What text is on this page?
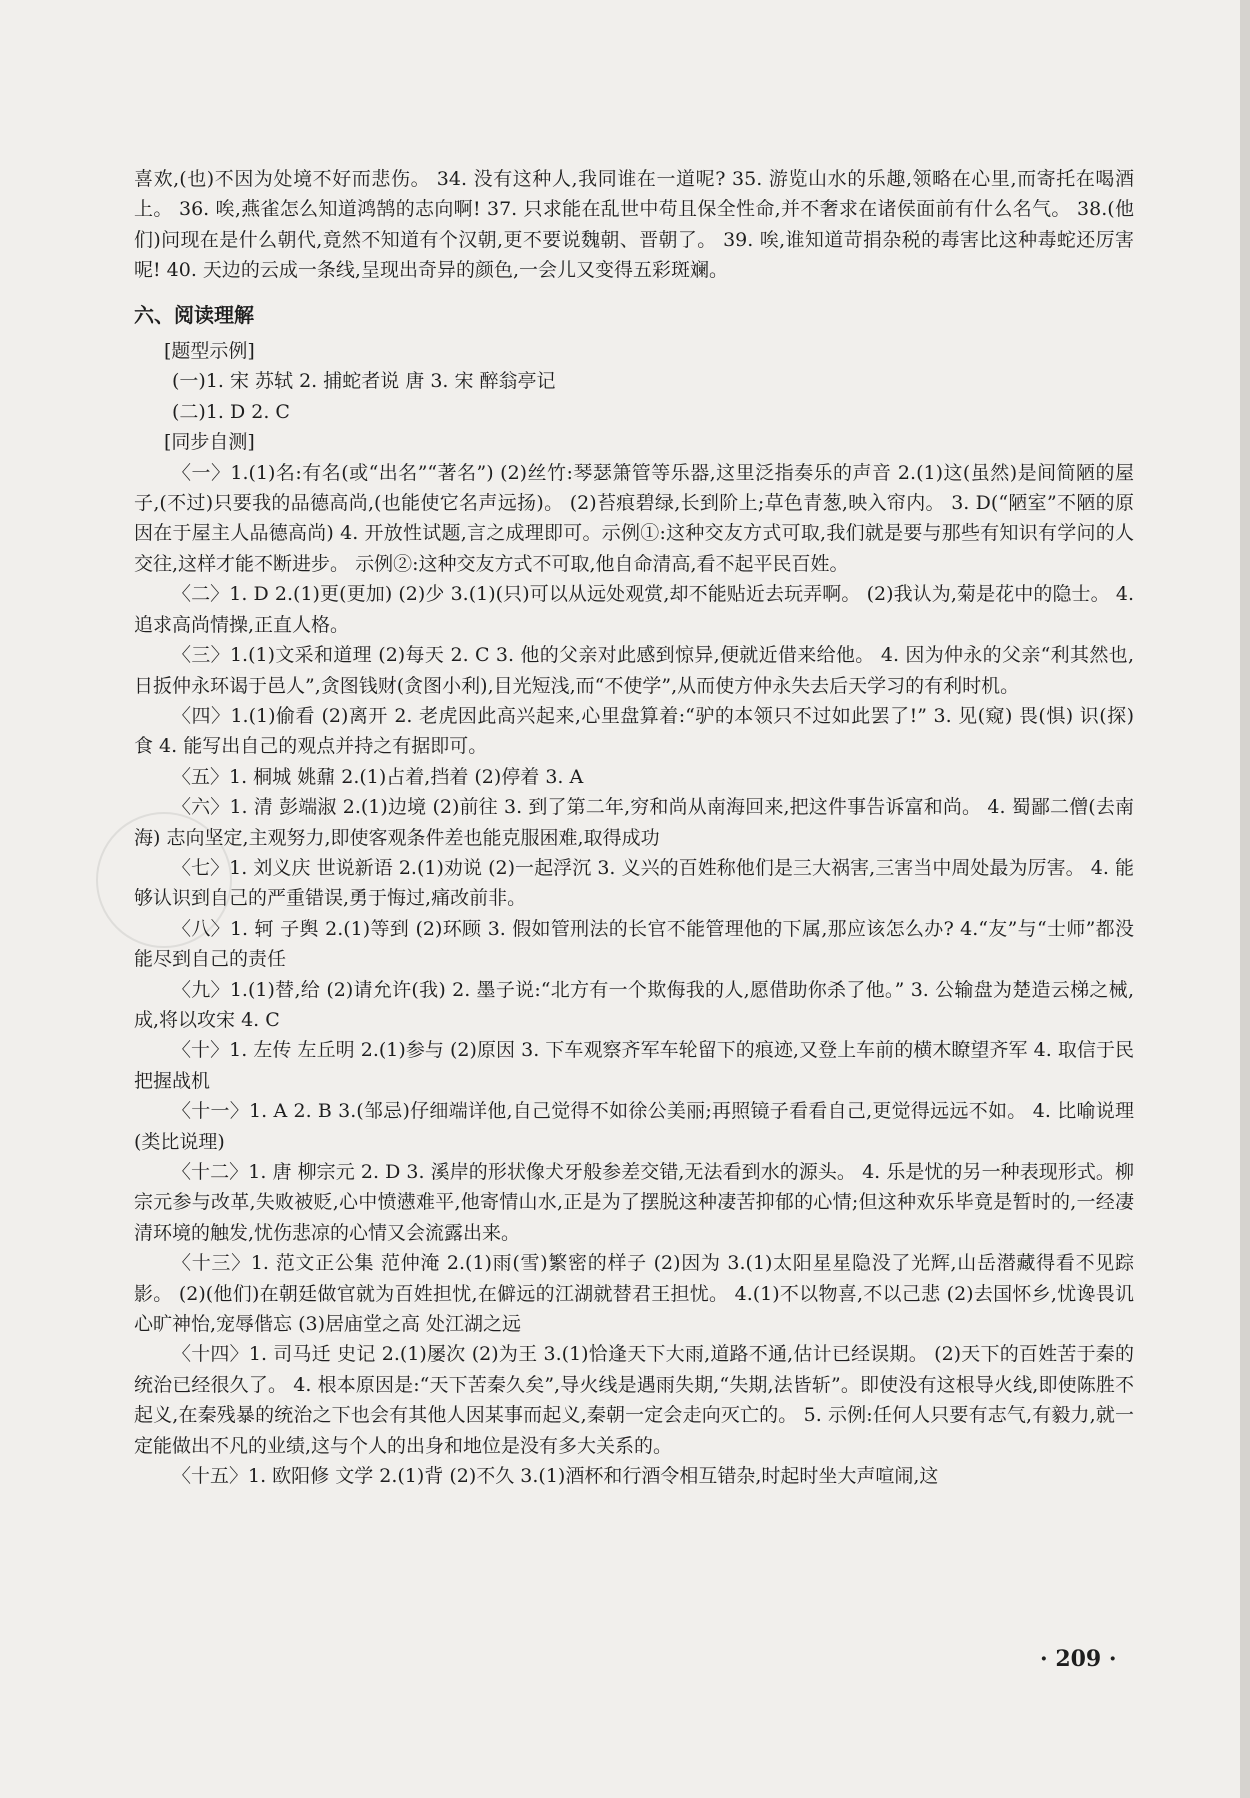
喜欢,(也)不因为处境不好而悲伤。 34. 没有这种人,我同谁在一道呢? 35. 游览山水的乐趣,领略在心里,而寄托在喝酒上。 36. 唉,燕雀怎么知道鸿鹄的志向啊! 37. 只求能在乱世中苟且保全性命,并不奢求在诸侯面前有什么名气。 38.(他们)问现在是什么朝代,竟然不知道有个汉朝,更不要说魏朝、晋朝了。 39. 唉,谁知道苛捐杂税的毒害比这种毒蛇还厉害呢! 40. 天边的云成一条线,呈现出奇异的颜色,一会儿又变得五彩斑斓。

六、阅读理解
[题型示例]

(一)1. 宋 苏轼 2. 捕蛇者说 唐 3. 宋 醉翁亭记

(二)1. D 2. C

[同步自测]

〈一〉1.(1)名:有名(或“出名”“著名”) (2)丝竹:琴瑟箫管等乐器,这里泛指奏乐的声音 2.(1)这(虽然)是间简陋的屋子,(不过)只要我的品德高尚,(也能使它名声远扬)。 (2)苔痕碧绿,长到阶上;草色青葱,映入帘内。 3. D(“陋室”不陋的原因在于屋主人品德高尚) 4. 开放性试题,言之成理即可。示例①:这种交友方式可取,我们就是要与那些有知识有学问的人交往,这样才能不断进步。 示例②:这种交友方式不可取,他自命清高,看不起平民百姓。

〈二〉1. D 2.(1)更(更加) (2)少 3.(1)(只)可以从远处观赏,却不能贴近去玩弄啊。 (2)我认为,菊是花中的隐士。 4. 追求高尚情操,正直人格。

〈三〉1.(1)文采和道理 (2)每天 2. C 3. 他的父亲对此感到惊异,便就近借来给他。 4. 因为仲永的父亲“利其然也,日扳仲永环谒于邑人”,贪图钱财(贪图小利),目光短浅,而“不使学”,从而使方仲永失去后天学习的有利时机。

〈四〉1.(1)偷看 (2)离开 2. 老虎因此高兴起来,心里盘算着:“驴的本领只不过如此罢了!” 3. 见(窥) 畏(惧) 识(探) 食 4. 能写出自己的观点并持之有据即可。

〈五〉1. 桐城 姚鼐 2.(1)占着,挡着 (2)停着 3. A

〈六〉1. 清 彭端淑 2.(1)边境 (2)前往 3. 到了第二年,穷和尚从南海回来,把这件事告诉富和尚。 4. 蜀鄙二僧(去南海) 志向坚定,主观努力,即使客观条件差也能克服困难,取得成功

〈七〉1. 刘义庆 世说新语 2.(1)劝说 (2)一起浮沉 3. 义兴的百姓称他们是三大祸害,三害当中周处最为厉害。 4. 能够认识到自己的严重错误,勇于悔过,痛改前非。

〈八〉1. 轲 子舆 2.(1)等到 (2)环顾 3. 假如管刑法的长官不能管理他的下属,那应该怎么办? 4.“友”与“士师”都没能尽到自己的责任

〈九〉1.(1)替,给 (2)请允许(我) 2. 墨子说:“北方有一个欺侮我的人,愿借助你杀了他。” 3. 公输盘为楚造云梯之械,成,将以攻宋 4. C

〈十〉1. 左传 左丘明 2.(1)参与 (2)原因 3. 下车观察齐军车轮留下的痕迹,又登上车前的横木瞭望齐军 4. 取信于民 把握战机

〈十一〉1. A 2. B 3.(邹忌)仔细端详他,自己觉得不如徐公美丽;再照镜子看看自己,更觉得远远不如。 4. 比喻说理(类比说理)

〈十二〉1. 唐 柳宗元 2. D 3. 溪岸的形状像犬牙般参差交错,无法看到水的源头。 4. 乐是忧的另一种表现形式。柳宗元参与改革,失败被贬,心中愤懑难平,他寄情山水,正是为了摆脱这种凄苦抑郁的心情;但这种欢乐毕竟是暂时的,一经凄清环境的触发,忧伤悲凉的心情又会流露出来。

〈十三〉1. 范文正公集 范仲淹 2.(1)雨(雪)繁密的样子 (2)因为 3.(1)太阳星星隐没了光辉,山岳潜藏得看不见踪影。 (2)(他们)在朝廷做官就为百姓担忧,在僻远的江湖就替君王担忧。 4.(1)不以物喜,不以己悲 (2)去国怀乡,忧谗畏讥 心旷神怡,宠辱偕忘 (3)居庙堂之高 处江湖之远

〈十四〉1. 司马迁 史记 2.(1)屡次 (2)为王 3.(1)恰逢天下大雨,道路不通,估计已经误期。 (2)天下的百姓苦于秦的统治已经很久了。 4. 根本原因是:“天下苦秦久矣”,导火线是遇雨失期,“失期,法皆斩”。即使没有这根导火线,即使陈胜不起义,在秦残暴的统治之下也会有其他人因某事而起义,秦朝一定会走向灭亡的。 5. 示例:任何人只要有志气,有毅力,就一定能做出不凡的业绩,这与个人的出身和地位是没有多大关系的。

〈十五〉1. 欧阳修 文学 2.(1)背 (2)不久 3.(1)酒杯和行酒令相互错杂,时起时坐大声喧闹,这

· 209 ·
